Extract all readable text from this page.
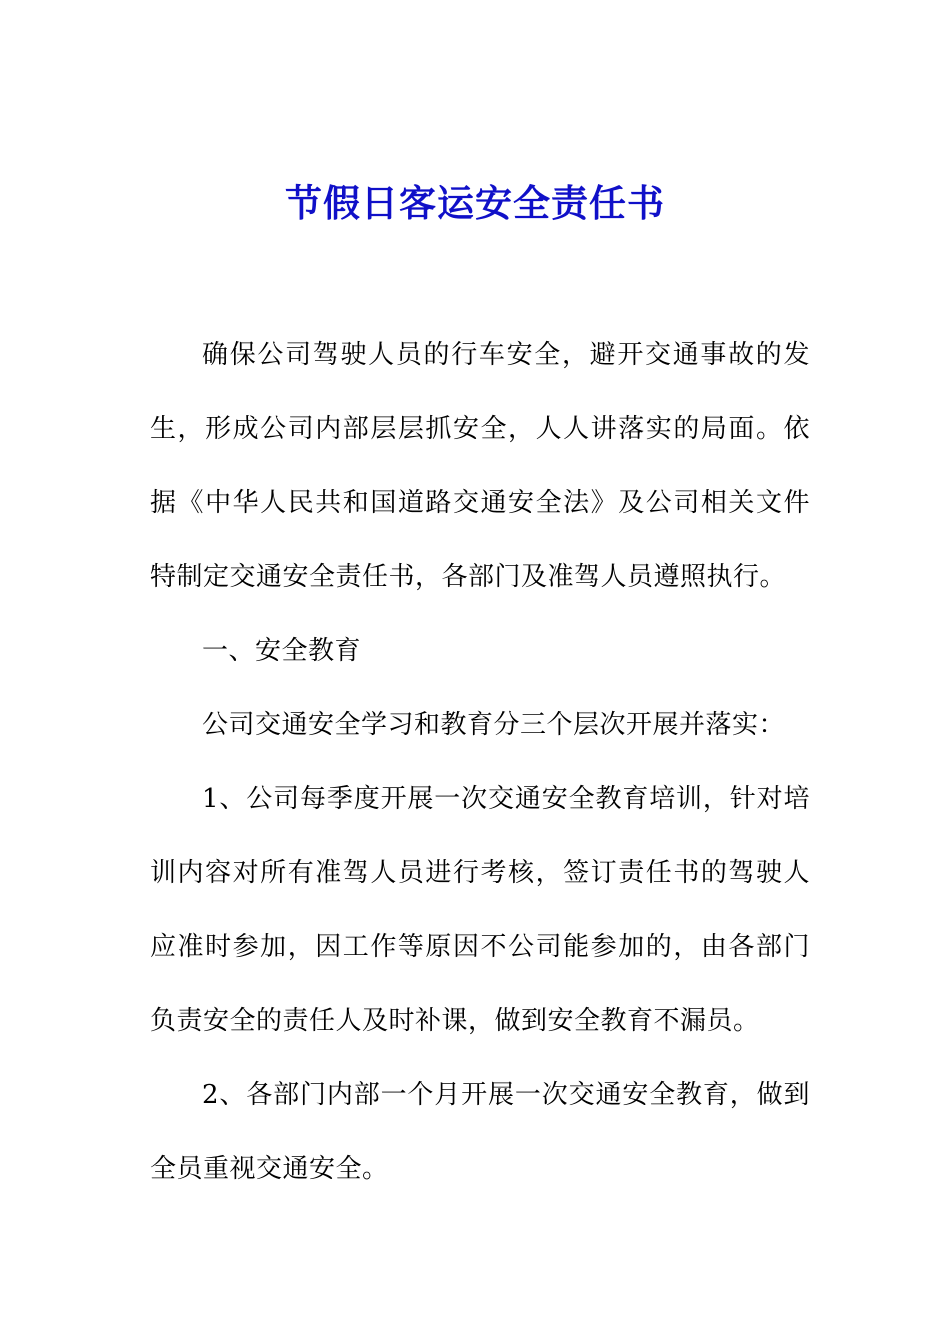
节假日客运安全责任书

确保公司驾驶人员的行车安全，避开交通事故的发生，形成公司内部层层抓安全，人人讲落实的局面。依据《中华人民共和国道路交通安全法》及公司相关文件特制定交通安全责任书，各部门及准驾人员遵照执行。

一、安全教育

公司交通安全学习和教育分三个层次开展并落实：

1、公司每季度开展一次交通安全教育培训，针对培训内容对所有准驾人员进行考核，签订责任书的驾驶人应准时参加，因工作等原因不公司能参加的，由各部门负责安全的责任人及时补课，做到安全教育不漏员。

2、各部门内部一个月开展一次交通安全教育，做到全员重视交通安全。
